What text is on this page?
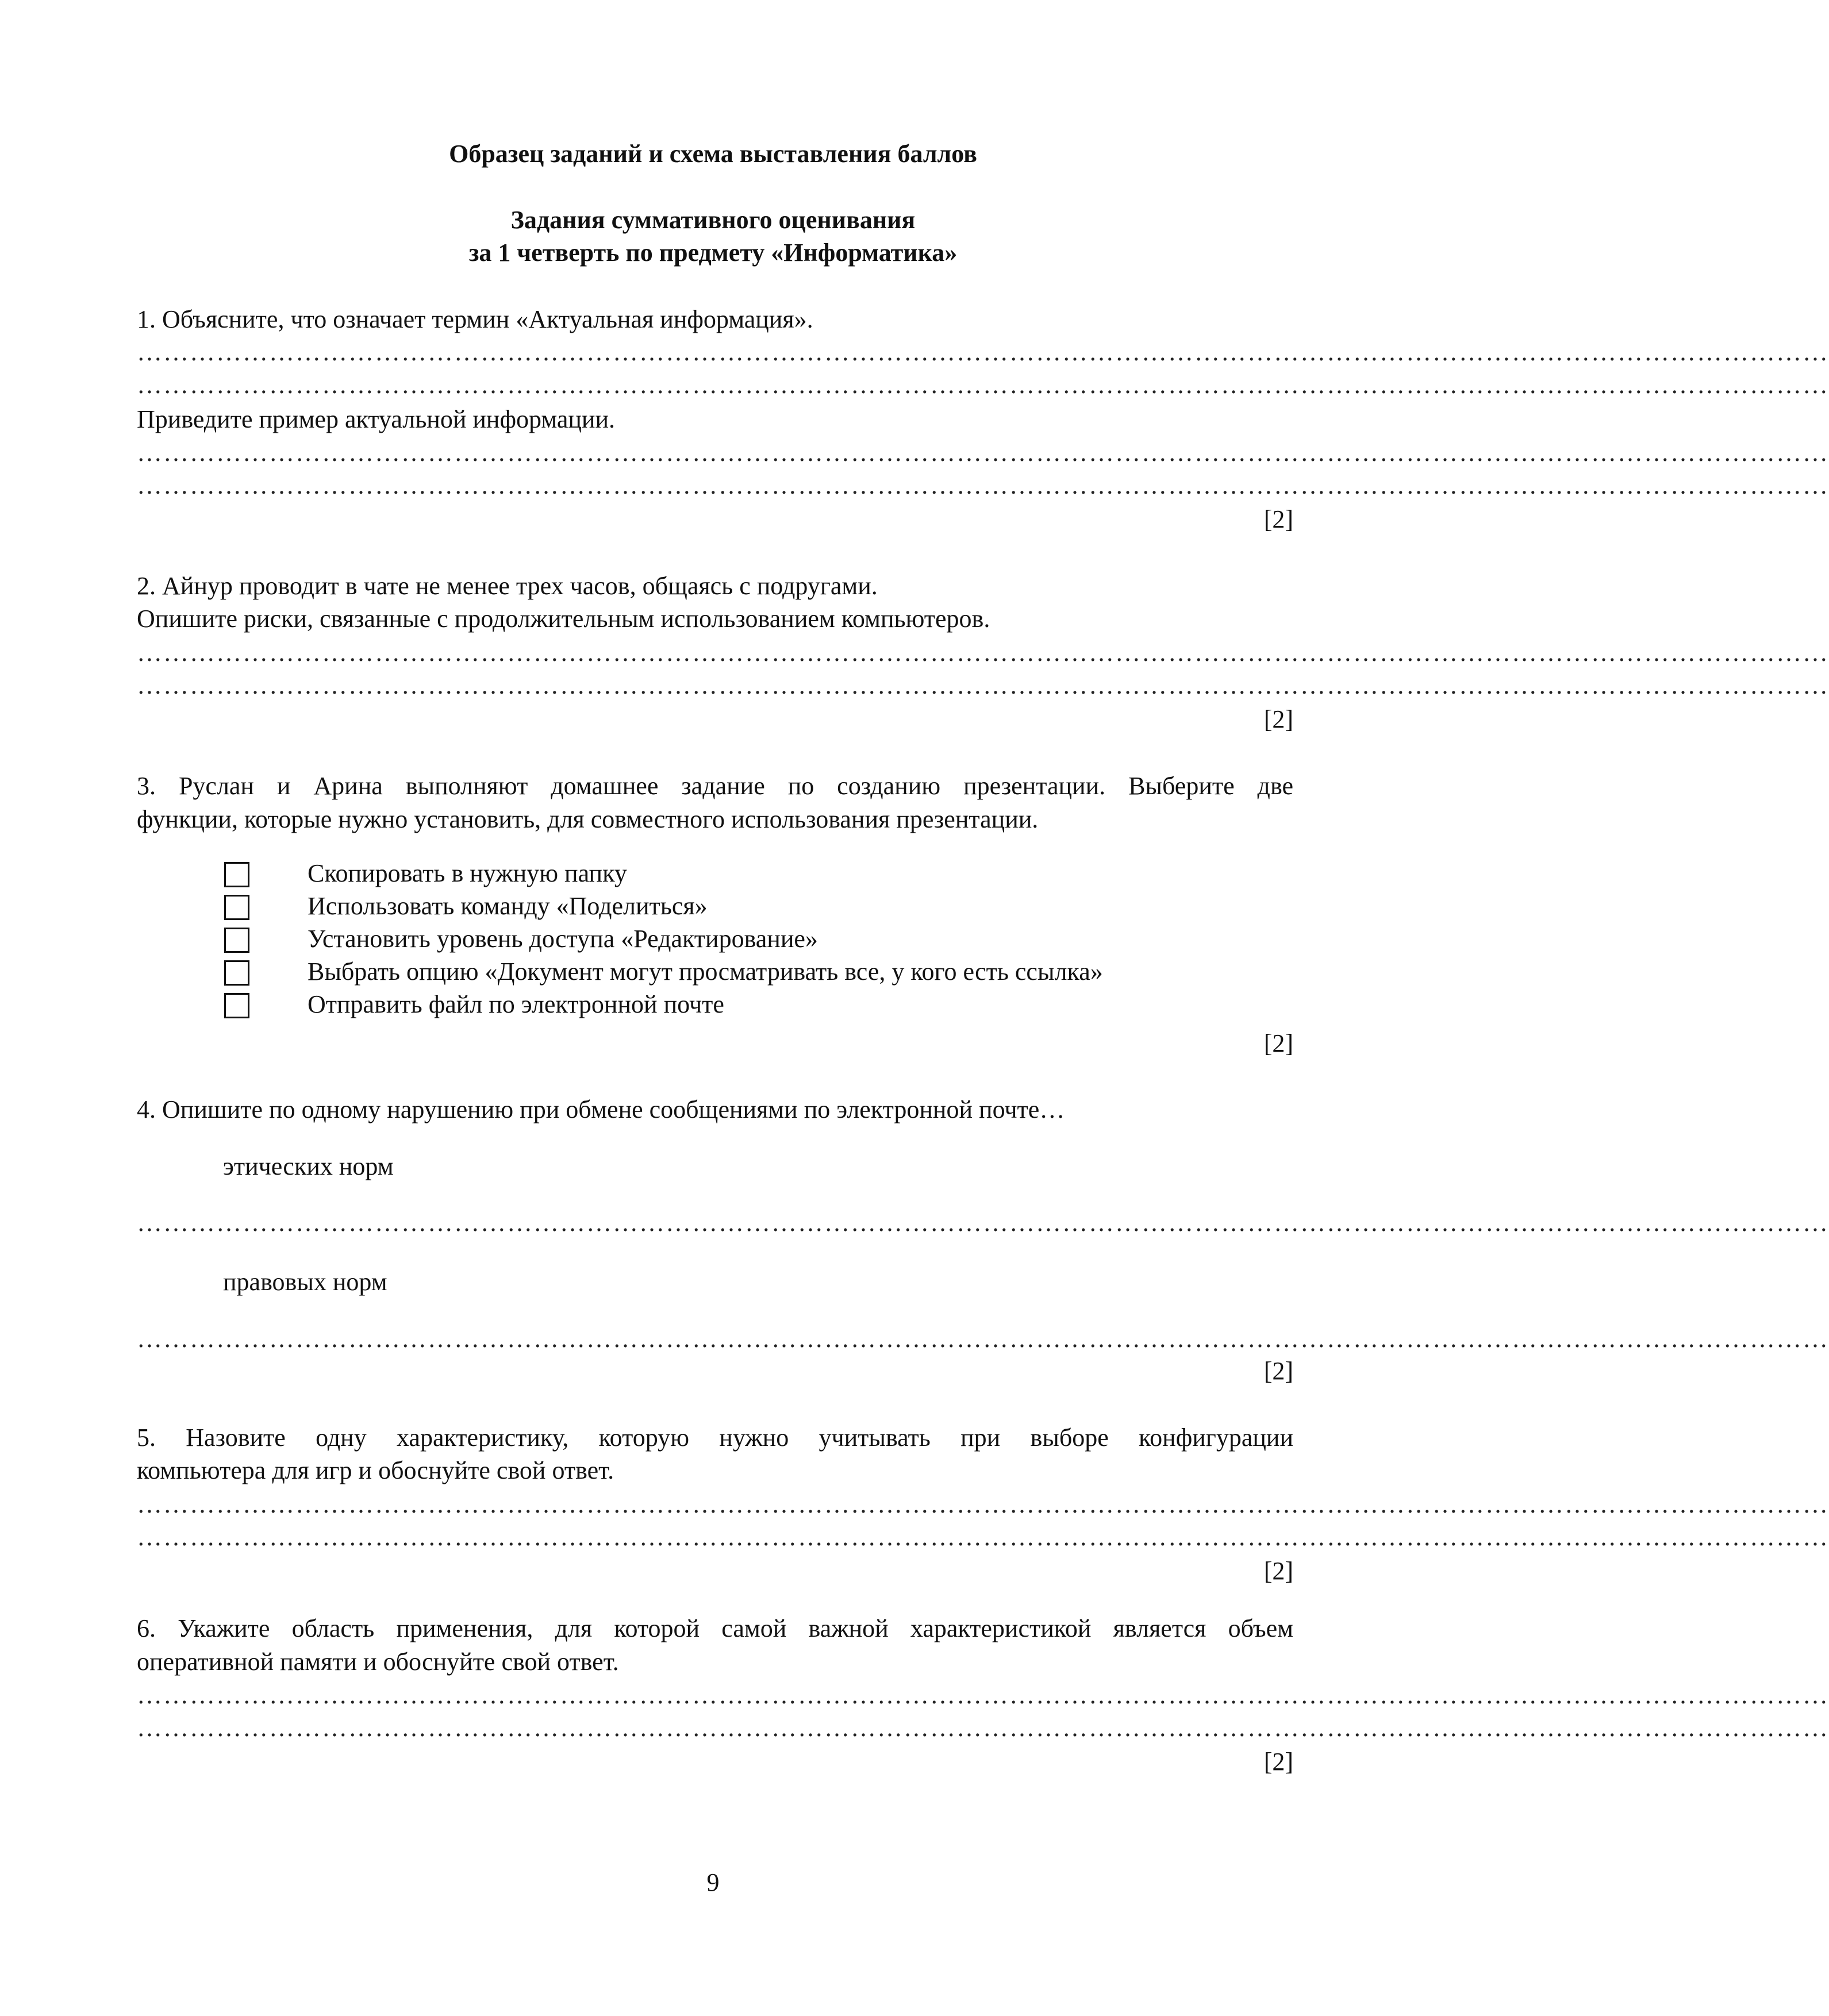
Образец заданий и схема выставления баллов

Задания суммативного оценивания

за 1 четверть по предмету «Информатика»

1. Объясните, что означает термин «Актуальная информация».

…………………………………………………………………………………………………………………………………………………………………………

…………………………………………………………………………………………………………………………………………………………………………

Приведите пример актуальной информации.

…………………………………………………………………………………………………………………………………………………………………………

…………………………………………………………………………………………………………………………………………………………………………

[2]

2. Айнур проводит в чате не менее трех часов, общаясь с подругами.

Опишите риски, связанные с продолжительным использованием компьютеров.

…………………………………………………………………………………………………………………………………………………………………………

…………………………………………………………………………………………………………………………………………………………………………

[2]

3. Руслан и Арина выполняют домашнее задание по созданию презентации. Выберите две

функции, которые нужно установить, для совместного использования презентации.

Скопировать в нужную папку

Использовать команду «Поделиться»

Установить уровень доступа «Редактирование»

Выбрать опцию «Документ могут просматривать все, у кого есть ссылка»

Отправить файл по электронной почте

[2]

4. Опишите по одному нарушению при обмене сообщениями по электронной почте…

этических норм

…………………………………………………………………………………………………………………………………………………………………………

правовых норм

…………………………………………………………………………………………………………………………………………………………………………

[2]

5. Назовите одну характеристику, которую нужно учитывать при выборе конфигурации

компьютера для игр и обоснуйте свой ответ.

…………………………………………………………………………………………………………………………………………………………………………

…………………………………………………………………………………………………………………………………………………………………………

[2]

6. Укажите область применения, для которой самой важной характеристикой является объем

оперативной памяти и обоснуйте свой ответ.

…………………………………………………………………………………………………………………………………………………………………………

…………………………………………………………………………………………………………………………………………………………………………

[2]

9
